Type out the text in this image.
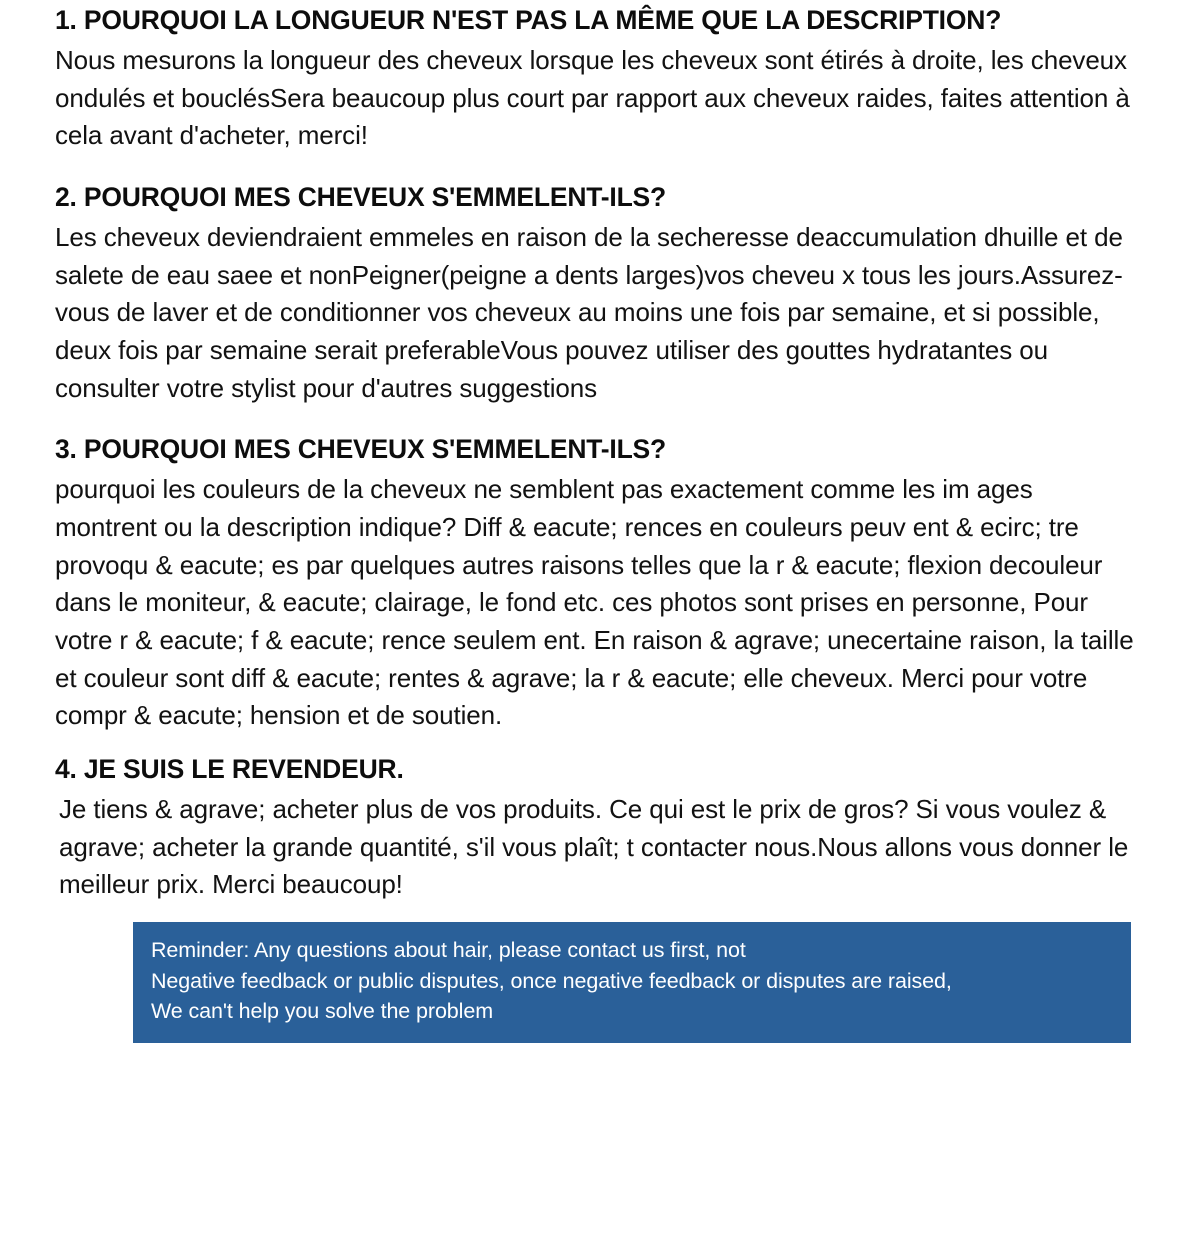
1. POURQUOI LA LONGUEUR N'EST PAS LA MÊME QUE LA DESCRIPTION?

Nous mesurons la longueur des cheveux lorsque les cheveux sont étirés à droite, les cheveux ondulés et bouclésSera beaucoup plus court par rapport aux cheveux raides, faites attention à cela avant d'acheter, merci!

2. POURQUOI MES CHEVEUX S'EMMELENT-ILS?

Les cheveux deviendraient emmeles en raison de la secheresse deaccumulation dhuille et de salete de eau saee et nonPeigner(peigne a dents larges)vos cheveu x tous les jours.Assurez-vous de laver et de conditionner vos cheveux au moins une fois par semaine, et si possible, deux fois par semaine serait preferableVous pouvez utiliser des gouttes hydratantes ou consulter votre stylist pour d'autres suggestions

3. POURQUOI MES CHEVEUX S'EMMELENT-ILS?

pourquoi les couleurs de la cheveux ne semblent pas exactement comme les im ages montrent ou la description indique? Diff & eacute; rences en couleurs peuv ent & ecirc; tre provoqu & eacute; es par quelques autres raisons telles que la r & eacute; flexion decouleur dans le moniteur, & eacute; clairage, le fond etc. ces photos sont prises en personne, Pour votre r & eacute; f & eacute; rence seulem ent. En raison & agrave; unecertaine raison, la taille et couleur sont diff & eacute; rentes & agrave; la r & eacute; elle cheveux. Merci pour votre compr & eacute; hension et de soutien.

4. JE SUIS LE REVENDEUR.

Je tiens & agrave; acheter plus de vos produits. Ce qui est le prix de gros? Si vous voulez & agrave; acheter la grande quantité, s'il vous plaît; t contacter nous.Nous allons vous donner le meilleur prix. Merci beaucoup!

Reminder: Any questions about hair, please contact us first, not
Negative feedback or public disputes, once negative feedback or disputes are raised,
We can't help you solve the problem
